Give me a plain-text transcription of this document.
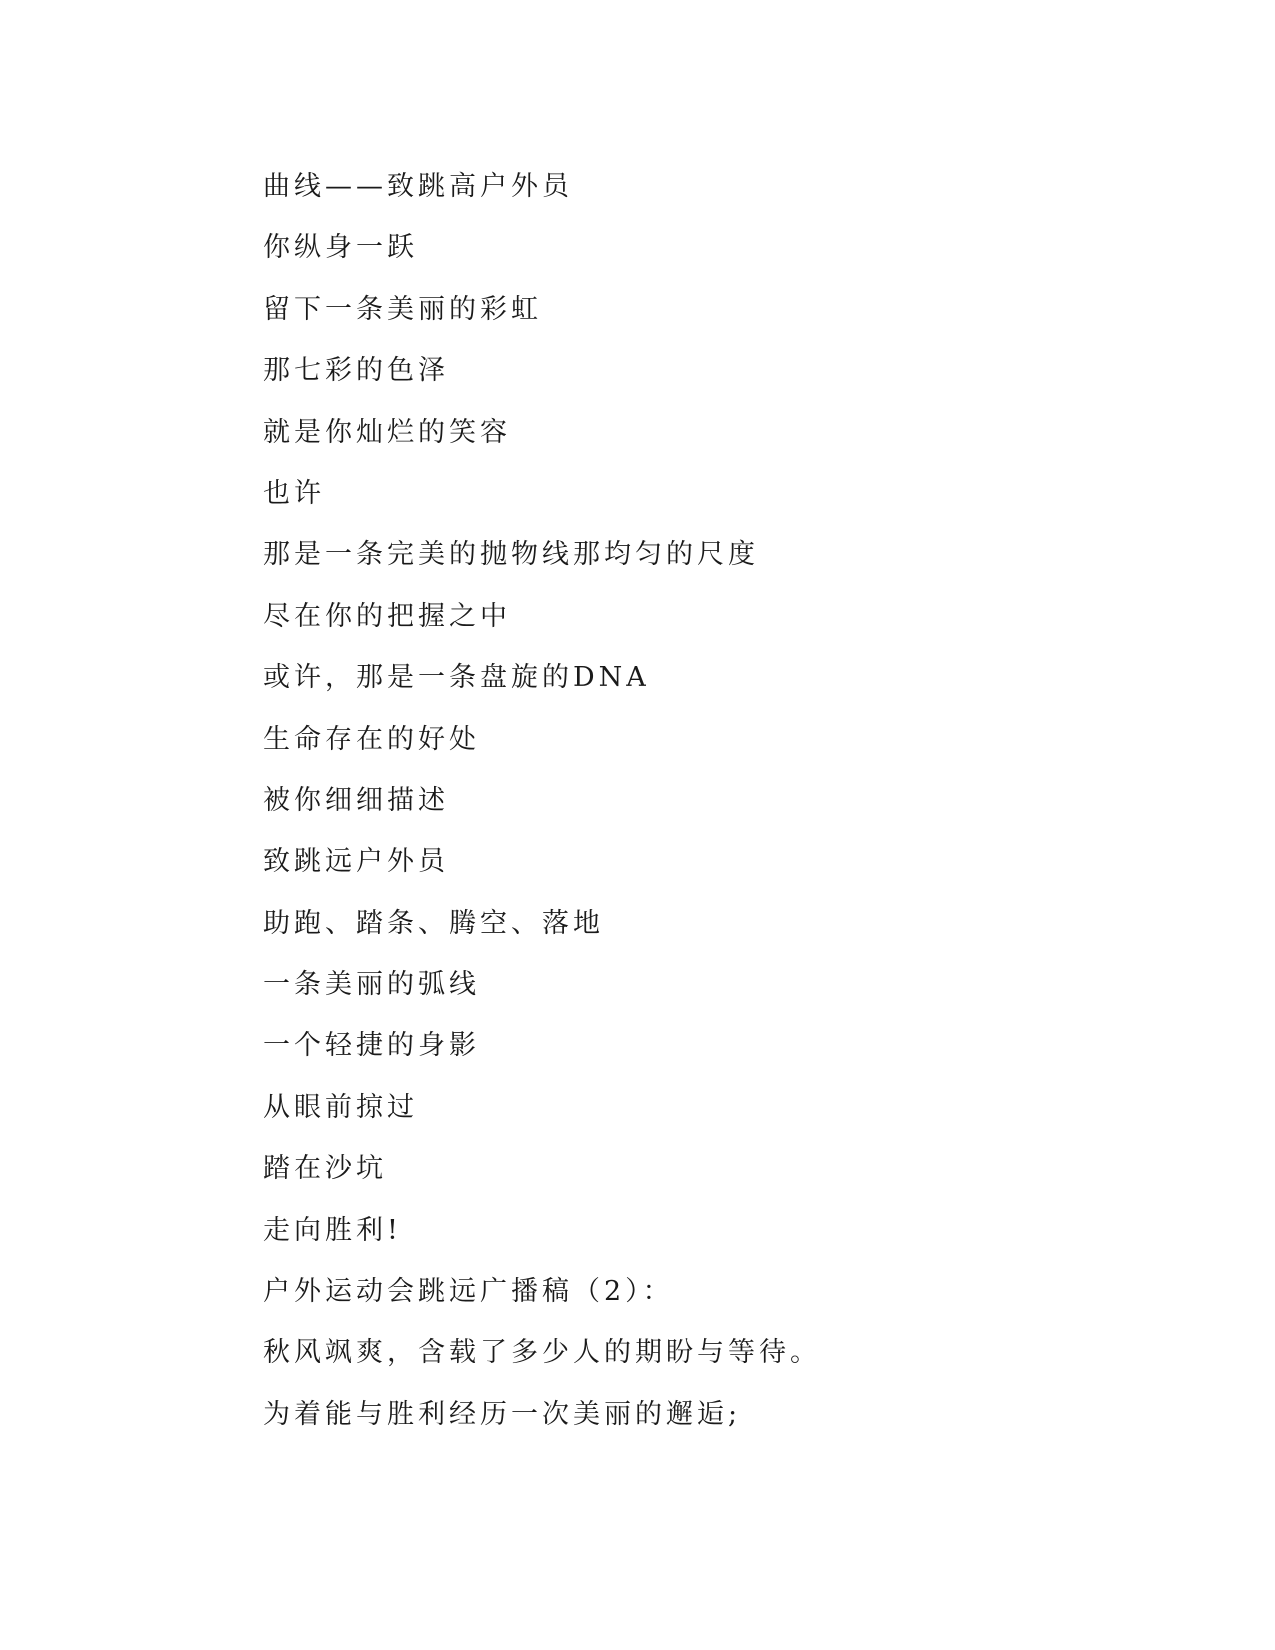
曲线——致跳高户外员
你纵身一跃
留下一条美丽的彩虹
那七彩的色泽
就是你灿烂的笑容
也许
那是一条完美的抛物线那均匀的尺度
尽在你的把握之中
或许，那是一条盘旋的DNA
生命存在的好处
被你细细描述
致跳远户外员
助跑、踏条、腾空、落地
一条美丽的弧线
一个轻捷的身影
从眼前掠过
踏在沙坑
走向胜利!
户外运动会跳远广播稿（2）：
秋风飒爽，含载了多少人的期盼与等待。
为着能与胜利经历一次美丽的邂逅;
